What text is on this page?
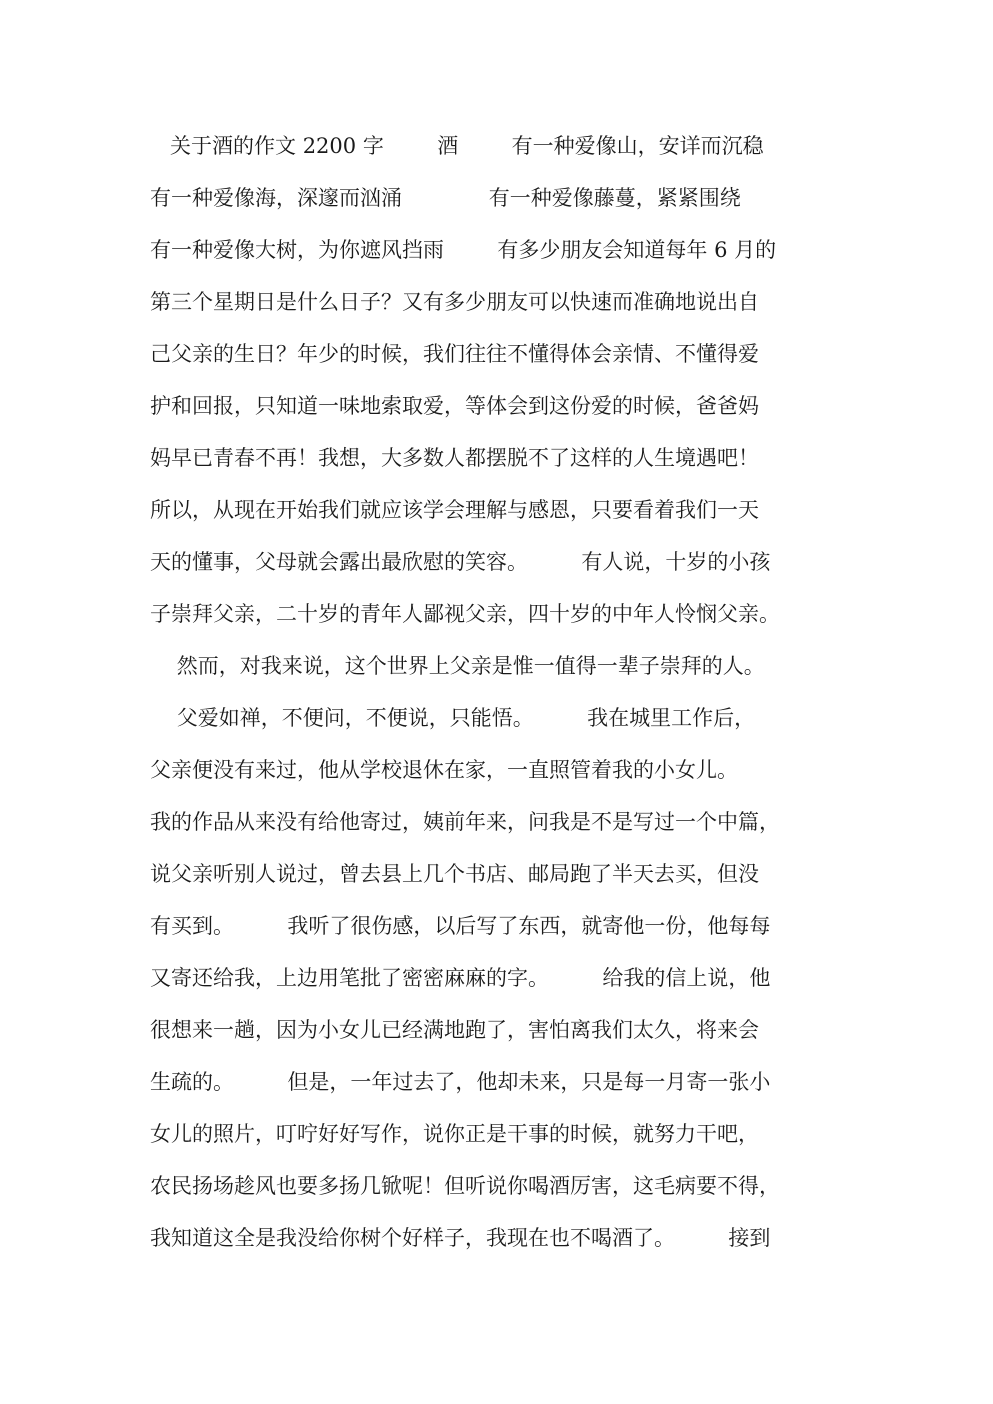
关于酒的作文 2200 字        酒        有一种爱像山，安详而沉稳
有一种爱像海，深邃而汹涌             有一种爱像藤蔓，紧紧围绕
有一种爱像大树，为你遮风挡雨        有多少朋友会知道每年 6 月的
第三个星期日是什么日子？又有多少朋友可以快速而准确地说出自
己父亲的生日？年少的时候，我们往往不懂得体会亲情、不懂得爱
护和回报，只知道一味地索取爱，等体会到这份爱的时候，爸爸妈
妈早已青春不再！我想，大多数人都摆脱不了这样的人生境遇吧！
所以，从现在开始我们就应该学会理解与感恩，只要看着我们一天
天的懂事，父母就会露出最欣慰的笑容。        有人说，十岁的小孩
子崇拜父亲，二十岁的青年人鄙视父亲，四十岁的中年人怜悯父亲。
然而，对我来说，这个世界上父亲是惟一值得一辈子崇拜的人。
父爱如禅，不便问，不便说，只能悟。        我在城里工作后，
父亲便没有来过，他从学校退休在家，一直照管着我的小女儿。
我的作品从来没有给他寄过，姨前年来，问我是不是写过一个中篇，
说父亲听别人说过，曾去县上几个书店、邮局跑了半天去买，但没
有买到。        我听了很伤感，以后写了东西，就寄他一份，他每每
又寄还给我，上边用笔批了密密麻麻的字。        给我的信上说，他
很想来一趟，因为小女儿已经满地跑了，害怕离我们太久，将来会
生疏的。        但是，一年过去了，他却未来，只是每一月寄一张小
女儿的照片，叮咛好好写作，说你正是干事的时候，就努力干吧，
农民扬场趁风也要多扬几锨呢！但听说你喝酒厉害，这毛病要不得，
我知道这全是我没给你树个好样子，我现在也不喝酒了。        接到
